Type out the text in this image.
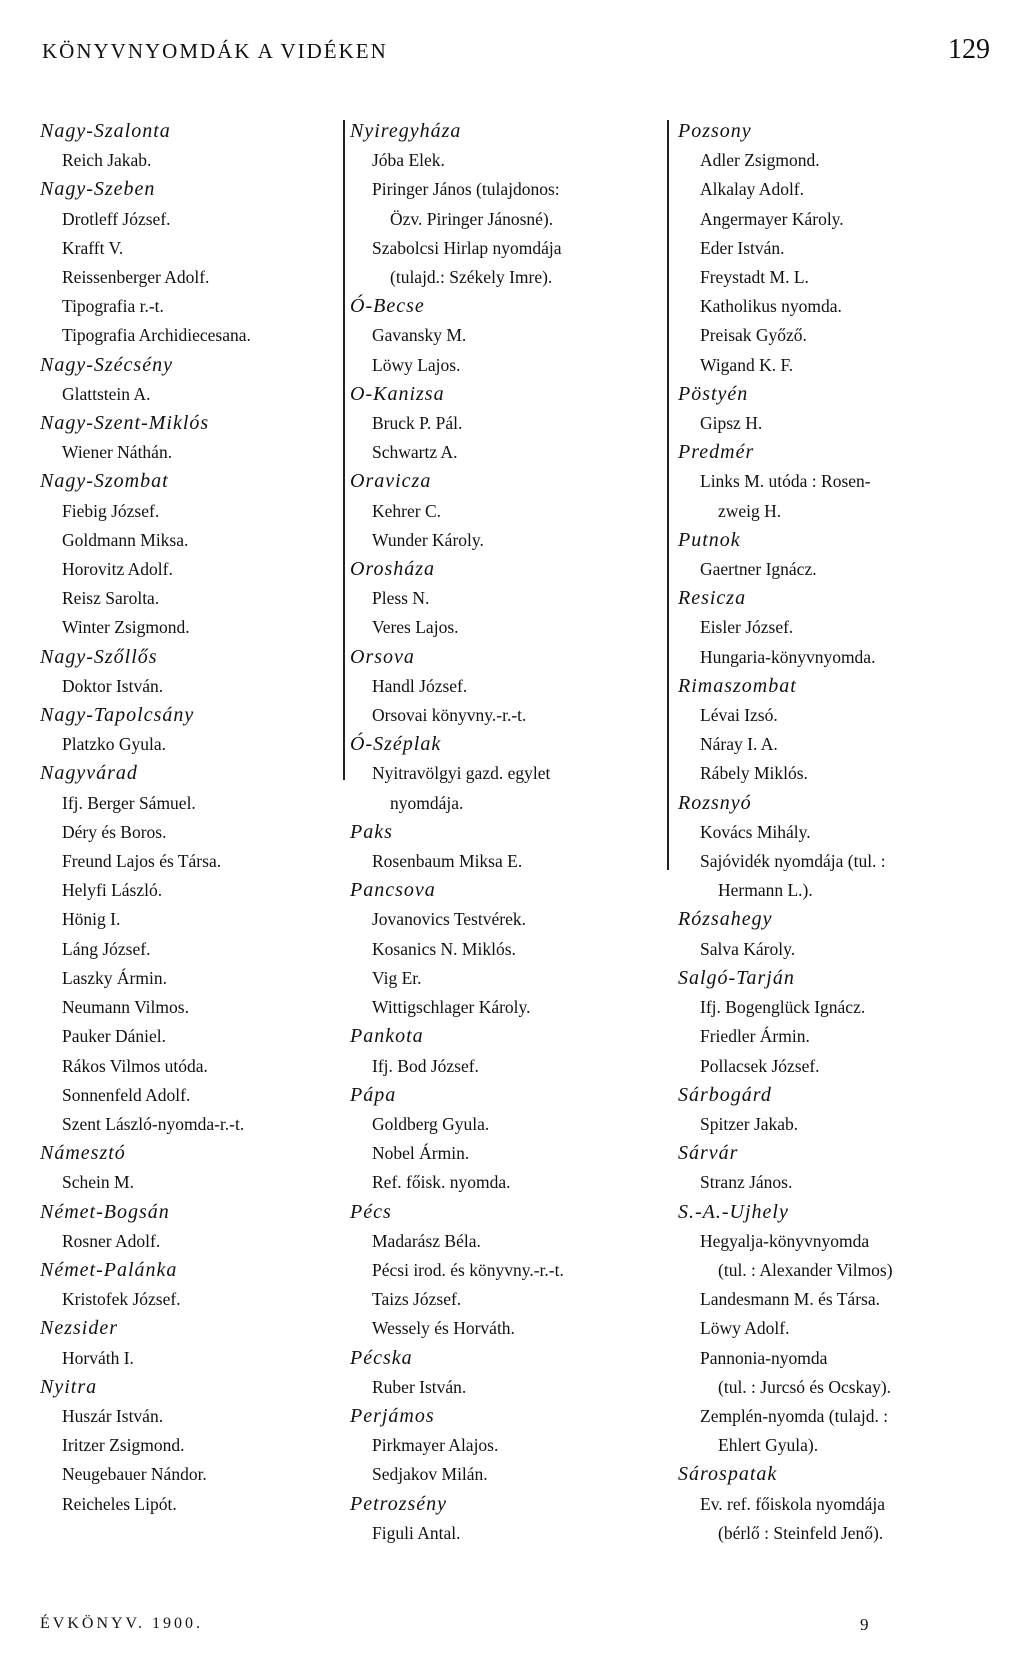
KÖNYVNYOMDÁK A VIDÉKEN	129
Nagy-Szalonta
Reich Jakab.
Nagy-Szeben
Drotleff József.
Krafft V.
Reissenberger Adolf.
Tipografia r.-t.
Tipografia Archidiecesana.
Nagy-Szécsény
Glattstein A.
Nagy-Szent-Miklós
Wiener Náthán.
Nagy-Szombat
Fiebig József.
Goldmann Miksa.
Horovitz Adolf.
Reisz Sarolta.
Winter Zsigmond.
Nagy-Szőllős
Doktor István.
Nagy-Tapolcsány
Platzko Gyula.
Nagyvárad
Ifj. Berger Sámuel.
Déry és Boros.
Freund Lajos és Társa.
Helyfi László.
Hönig I.
Láng József.
Laszky Ármin.
Neumann Vilmos.
Pauker Dániel.
Rákos Vilmos utóda.
Sonnenfeld Adolf.
Szent László-nyomda-r.-t.
Námesztó
Schein M.
Német-Bogsán
Rosner Adolf.
Német-Palánka
Kristofek József.
Nezsider
Horváth I.
Nyitra
Huszár István.
Iritzer Zsigmond.
Neugebauer Nándor.
Reicheles Lipót.
Nyiregyháza
Jóba Elek.
Piringer János (tulajdonos:
Özv. Piringer Jánosné).
Szabolcsi Hirlap nyomdája
(tulajd.: Székely Imre).
Ó-Becse
Gavansky M.
Löwy Lajos.
O-Kanizsa
Bruck P. Pál.
Schwartz A.
Oravicza
Kehrer C.
Wunder Károly.
Orosháza
Pless N.
Veres Lajos.
Orsova
Handl József.
Orsovai könyvny.-r.-t.
Ó-Széplak
Nyitravölgyi gazd. egylet
nyomdája.
Paks
Rosenbaum Miksa E.
Pancsova
Jovanovics Testvérek.
Kosanics N. Miklós.
Vig Er.
Wittigschlager Károly.
Pankota
Ifj. Bod József.
Pápa
Goldberg Gyula.
Nobel Ármin.
Ref. főisk. nyomda.
Pécs
Madarász Béla.
Pécsi irod. és könyvny.-r.-t.
Taizs József.
Wessely és Horváth.
Pécska
Ruber István.
Perjámos
Pirkmayer Alajos.
Sedjakov Milán.
Petrozsény
Figuli Antal.
Pozsony
Adler Zsigmond.
Alkalay Adolf.
Angermayer Károly.
Eder István.
Freystadt M. L.
Katholikus nyomda.
Preisak Győző.
Wigand K. F.
Pöstyén
Gipsz H.
Predmér
Links M. utóda : Rosen-
zweig H.
Putnok
Gaertner Ignácz.
Resicza
Eisler József.
Hungaria-könyvnyomda.
Rimaszombat
Lévai Izsó.
Náray I. A.
Rábely Miklós.
Rozsnyó
Kovács Mihály.
Sajóvidék nyomdája (tul. :
Hermann L.).
Rózsahegy
Salva Károly.
Salgó-Tarján
Ifj. Bogenglück Ignácz.
Friedler Ármin.
Pollacsek József.
Sárbogárd
Spitzer Jakab.
Sárvár
Stranz János.
S.-A.-Ujhely
Hegyalja-könyvnyomda
(tul. : Alexander Vilmos)
Landesmann M. és Társa.
Löwy Adolf.
Pannonia-nyomda
(tul. : Jurcsó és Ocskay).
Zemplén-nyomda (tulajd. :
Ehlert Gyula).
Sárospatak
Ev. ref. főiskola nyomdája
(bérlő : Steinfeld Jenő).
ÉVKÖNYV. 1900.	9
